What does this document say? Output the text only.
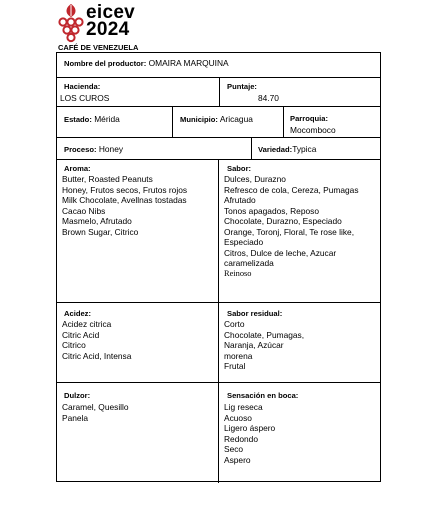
eicev
2024
CAFÉ DE VENEZUELA
Nombre del productor: OMAIRA MARQUINA
Hacienda:
LOS CUROS
Puntaje:
84.70
Estado: Mérida	Municipio: Aricagua	Parroquia:
Mocomboco
Proceso: Honey	Variedad:Typica
Aroma:
Butter, Roasted Peanuts
Honey, Frutos secos, Frutos rojos
Milk Chocolate, Avellnas tostadas
Cacao Nibs
Masmelo, Afrutado
Brown Sugar, Citrico
Sabor:
Dulces, Durazno
Refresco de cola, Cereza, Pumagas
Afrutado
Tonos apagados, Reposo
Chocolate, Durazno, Especiado
Orange, Toronj, Floral, Te rose like,
Especiado
Citros, Dulce de leche, Azucar
caramelizada
Reinoso
Acidez:
Acidez citrica
Citric Acid
Citrico
Citric Acid, Intensa
Sabor residual:
Corto
Chocolate, Pumagas,
Naranja, Azúcar
morena
Frutal
Dulzor:
Caramel, Quesillo
Panela
Sensación en boca:
Lig reseca
Acuoso
Ligero áspero
Redondo
Seco
Aspero
